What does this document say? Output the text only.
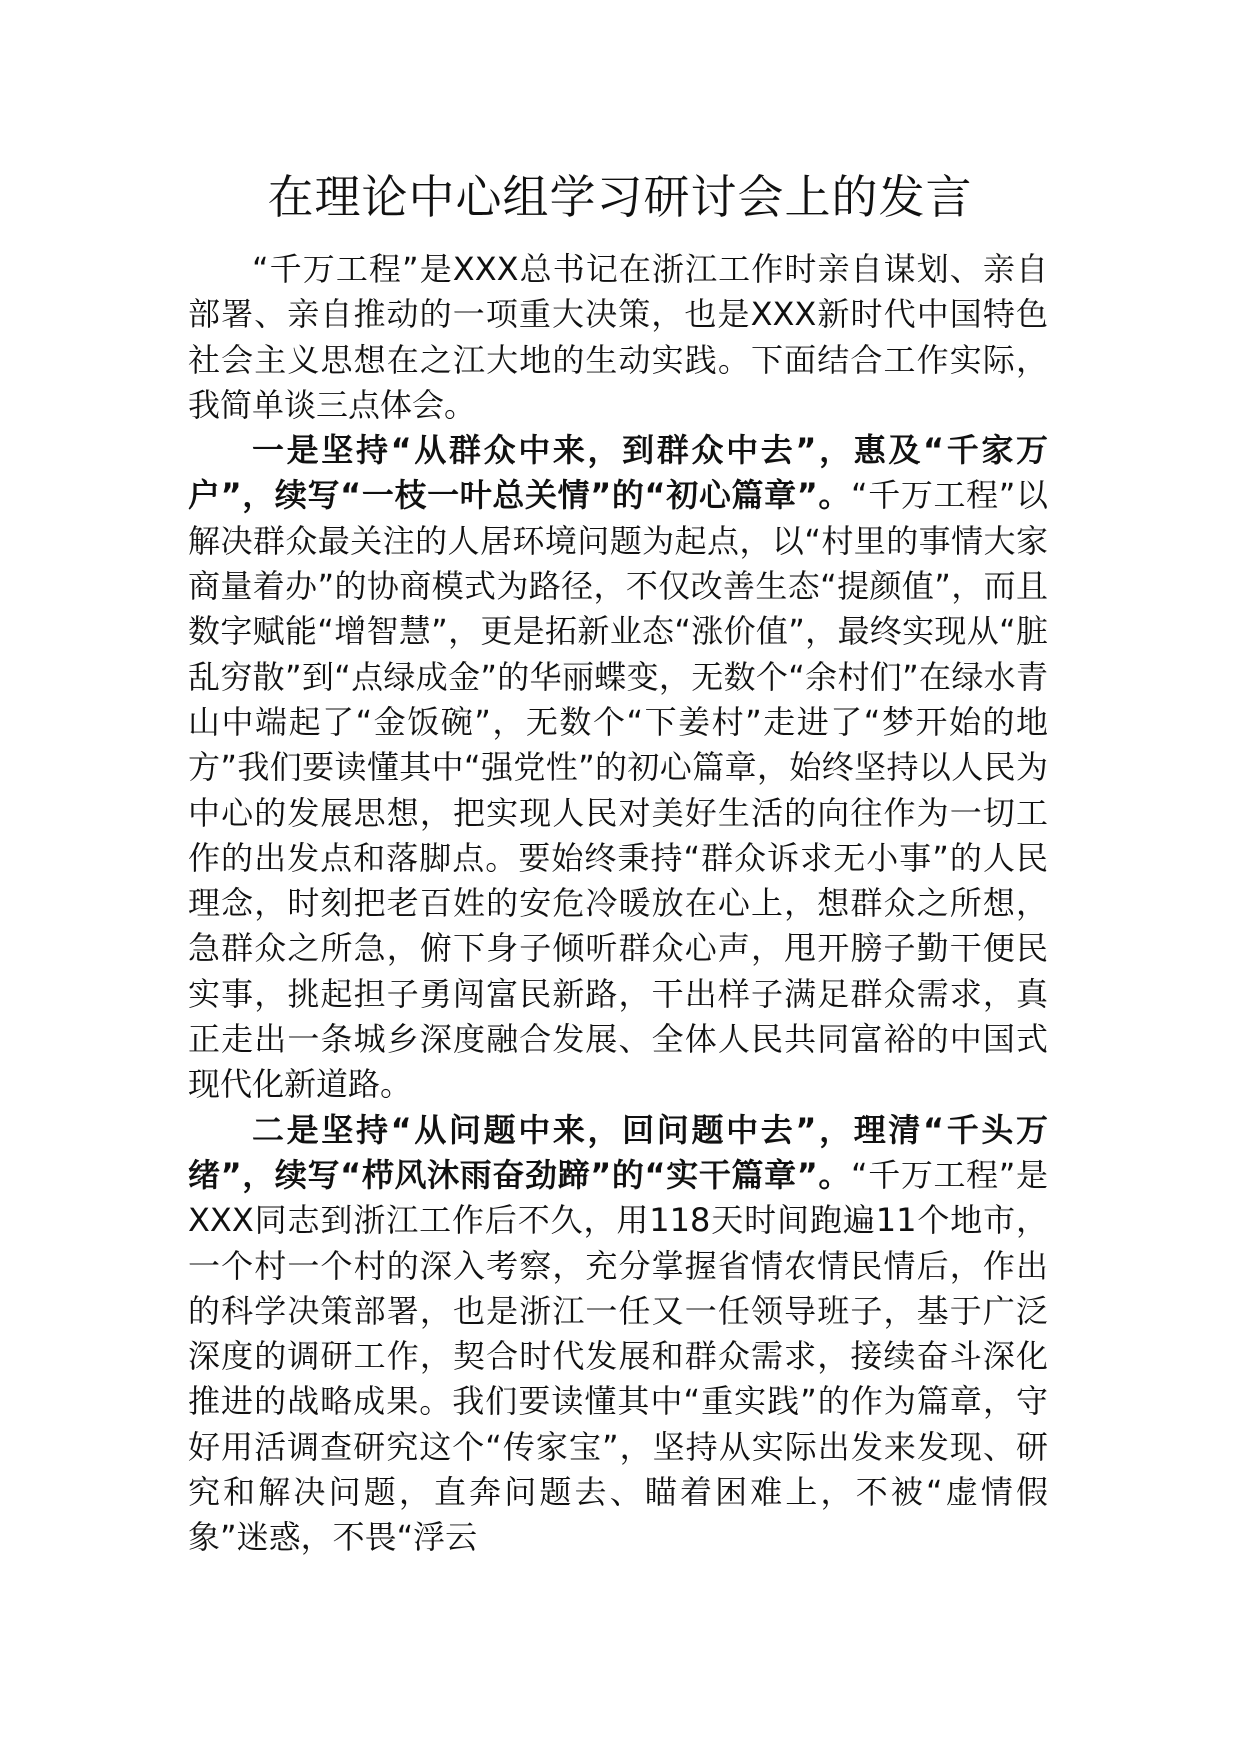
在理论中心组学习研讨会上的发言

“千万工程”是XXX总书记在浙江工作时亲自谋划、亲自部署、亲自推动的一项重大决策，也是XXX新时代中国特色社会主义思想在之江大地的生动实践。下面结合工作实际，我简单谈三点体会。

一是坚持“从群众中来，到群众中去”，惠及“千家万户”，续写“一枝一叶总关情”的“初心篇章”。“千万工程”以解决群众最关注的人居环境问题为起点，以“村里的事情大家商量着办”的协商模式为路径，不仅改善生态“提颜值”，而且数字赋能“增智慧”，更是拓新业态“涨价值”，最终实现从“脏乱穷散”到“点绿成金”的华丽蝶变，无数个“余村们”在绿水青山中端起了“金饭碗”，无数个“下姜村”走进了“梦开始的地方”我们要读懂其中“强党性”的初心篇章，始终坚持以人民为中心的发展思想，把实现人民对美好生活的向往作为一切工作的出发点和落脚点。要始终秉持“群众诉求无小事”的人民理念，时刻把老百姓的安危冷暖放在心上，想群众之所想，急群众之所急，俯下身子倾听群众心声，甩开膀子勤干便民实事，挑起担子勇闯富民新路，干出样子满足群众需求，真正走出一条城乡深度融合发展、全体人民共同富裕的中国式现代化新道路。

二是坚持“从问题中来，回问题中去”，理清“千头万绪”，续写“栉风沐雨奋劲蹄”的“实干篇章”。“千万工程”是XXX同志到浙江工作后不久，用118天时间跑遍11个地市，一个村一个村的深入考察，充分掌握省情农情民情后，作出的科学决策部署，也是浙江一任又一任领导班子，基于广泛深度的调研工作，契合时代发展和群众需求，接续奋斗深化推进的战略成果。我们要读懂其中“重实践”的作为篇章，守好用活调查研究这个“传家宝”，坚持从实际出发来发现、研究和解决问题，直奔问题去、瞄着困难上，不被“虚情假象”迷惑，不畏“浮云
